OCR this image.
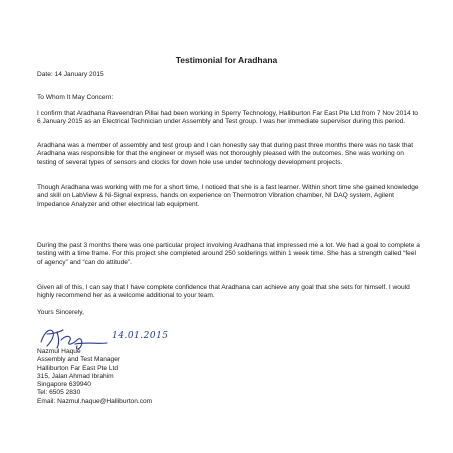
Testimonial for Aradhana

Date: 14 January 2015

To Whom It May Concern:

I confirm that Aradhana Raveendran Pillai had been working in Sperry Technology, Halliburton Far East Pte Ltd from 7 Nov 2014 to 6 January 2015 as an Electrical Technician under Assembly and Test group. I was her immediate supervisor during this period.

Aradhana was a member of assembly and test group and I can honestly say that during past three months there was no task that Aradhana was responsible for that the engineer or myself was not thoroughly pleased with the outcomes. She was working on testing of several types of sensors and clocks for down hole use under technology development projects.

Though Aradhana was working with me for a short time, I noticed that she is a fast learner. Within short time she gained knowledge and skill on LabView & Ni-Signal express, hands on experience on Thermotron Vibration chamber, NI DAQ system, Agilent Impedance Analyzer and other electrical lab equipment.

During the past 3 months there was one particular project involving Aradhana that impressed me a lot. We had a goal to complete a testing with a time frame. For this project she completed around 250 solderings within 1 week time. She has a strength called “feel of agency” and “can do attitude”.

Given all of this, I can say that I have complete confidence that Aradhana can achieve any goal that she sets for himself. I would highly recommend her as a welcome additional to your team.

Yours Sincerely,

14.01.2015
Nazmul Haque
Assembly and Test Manager
Halliburton Far East Pte Ltd
315, Jalan Ahmad Ibrahim
Singapore 639940
Tel: 6505 2830
Email: Nazmul.haque@Halliburton.com
